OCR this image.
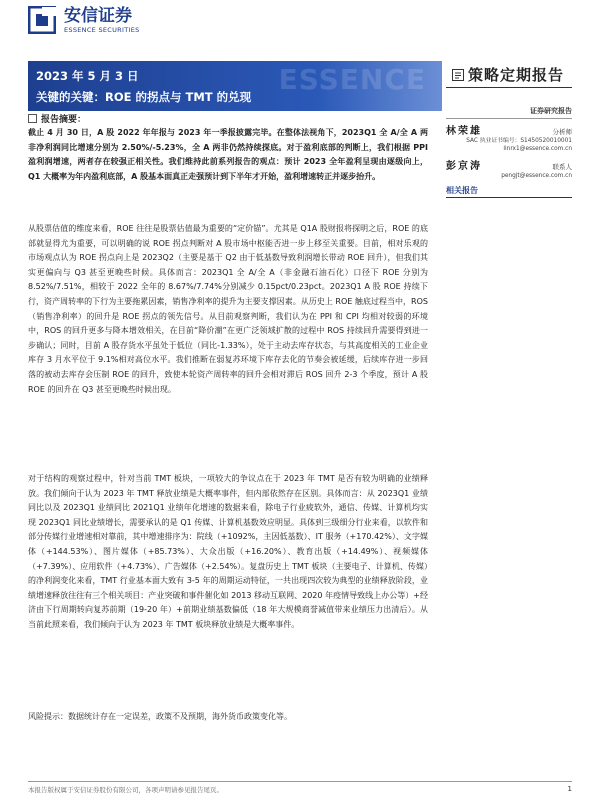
安信证券
ESSENCE SECURITIES
ESSENCE
2023 年 5 月 3 日
关键的关键：ROE 的拐点与 TMT 的兑现
策略定期报告
证券研究报告
报告摘要：
林荣雄	分析师
SAC 执业证书编号：S1450520010001
linrx1@essence.com.cn
彭京涛	联系人
pengjt@essence.com.cn
相关报告

截止 4 月 30 日，A 股 2022 年年报与 2023 年一季报披露完毕。在整体法视角下，2023Q1 全 A/全 A 两非净利润同比增速分别为 2.50%/-5.23%，全 A 两非仍然持续探底。对于盈利底部的判断上，我们根据 PPI 盈利润增速，两者存在较强正相关性。我们维持此前系列报告的观点：预计 2023 全年盈利呈现由逐级向上，Q1 大概率为年内盈利底部，A 股基本面真正走强预计到下半年才开始，盈利增速转正并逐步抬升。

从股票估值的维度来看，ROE 往往是股票估值最为重要的“定价锚”。尤其是 Q1A 股财报将探明之后，ROE 的底部就显得尤为重要，可以明确的说 ROE 拐点判断对 A 股市场中枢能否进一步上移至关重要。目前，相对乐观的市场观点认为 ROE 拐点向上是 2023Q2（主要是基于 Q2 由于低基数导致利润增长带动 ROE 回升），但我们其实更偏向与 Q3 甚至更晚些时候。具体而言：2023Q1 全 A/全 A（非金融石油石化）口径下 ROE 分别为 8.52%/7.51%，相较于 2022 全年的 8.67%/7.74%分别减少 0.15pct/0.23pct。2023Q1 A 股 ROE 持续下行，资产周转率的下行为主要拖累因素，销售净利率的提升为主要支撑因素。从历史上 ROE 触底过程当中，ROS（销售净利率）的回升是 ROE 拐点的领先信号。从目前观察判断，我们认为在 PPI 和 CPI 均相对较弱的环境中，ROS 的回升更多与降本增效相关，在目前“降价潮”在更广泛领域扩散的过程中 ROS 持续回升需要得到进一步确认；同时，目前 A 股存货水平虽处于低位（同比-1.33%），处于主动去库存状态，与其高度相关的工业企业库存 3 月水平位于 9.1%相对高位水平。我们推断在弱复苏环境下库存去化的节奏会被延缓，后续库存进一步回落的被动去库存会压制 ROE 的回升，致使本轮资产周转率的回升会相对滞后 ROS 回升 2-3 个季度，预计 A 股 ROE 的回升在 Q3 甚至更晚些时候出现。

对于结构的观察过程中，针对当前 TMT 板块，一项较大的争议点在于 2023 年 TMT 是否有较为明确的业绩释放。我们倾向于认为 2023 年 TMT 释放业绩是大概率事件，但内部依然存在区别。具体而言：从 2023Q1 业绩同比以及 2023Q1 业绩同比 2021Q1 业绩年化增速的数据来看，除电子行业疲软外，通信、传媒、计算机均实现 2023Q1 同比业绩增长，需要承认的是 Q1 传媒、计算机基数效应明显。具体到三级细分行业来看，以软件和部分传媒行业增速相对靠前，其中增速排序为：院线（+1092%，主因低基数）、IT 服务（+170.42%）、文字媒体（+144.53%）、图片媒体（+85.73%）、大众出版（+16.20%）、教育出版（+14.49%）、视频媒体（+7.39%）、应用软件（+4.73%）、广告媒体（+2.54%）。复盘历史上 TMT 板块（主要电子、计算机、传媒）的净利润变化来看，TMT 行业基本面大致有 3-5 年的周期运动特征，一共出现四次较为典型的业绩释放阶段，业绩增速释放往往有三个相关项目：产业突破和事件催化如 2013 移动互联网、2020 年疫情导致线上办公等）+经济由下行周期转向复苏前期（19-20 年）+前期业绩基数偏低（18 年大规模商誉减值带来业绩压力出清后）。从当前此照来看，我们倾向于认为 2023 年 TMT 板块释放业绩是大概率事件。

风险提示：数据统计存在一定误差，政策不及预期，海外货币政策变化等。

本报告版权属于安信证券股份有限公司，各项声明请参见报告尾页。	1
